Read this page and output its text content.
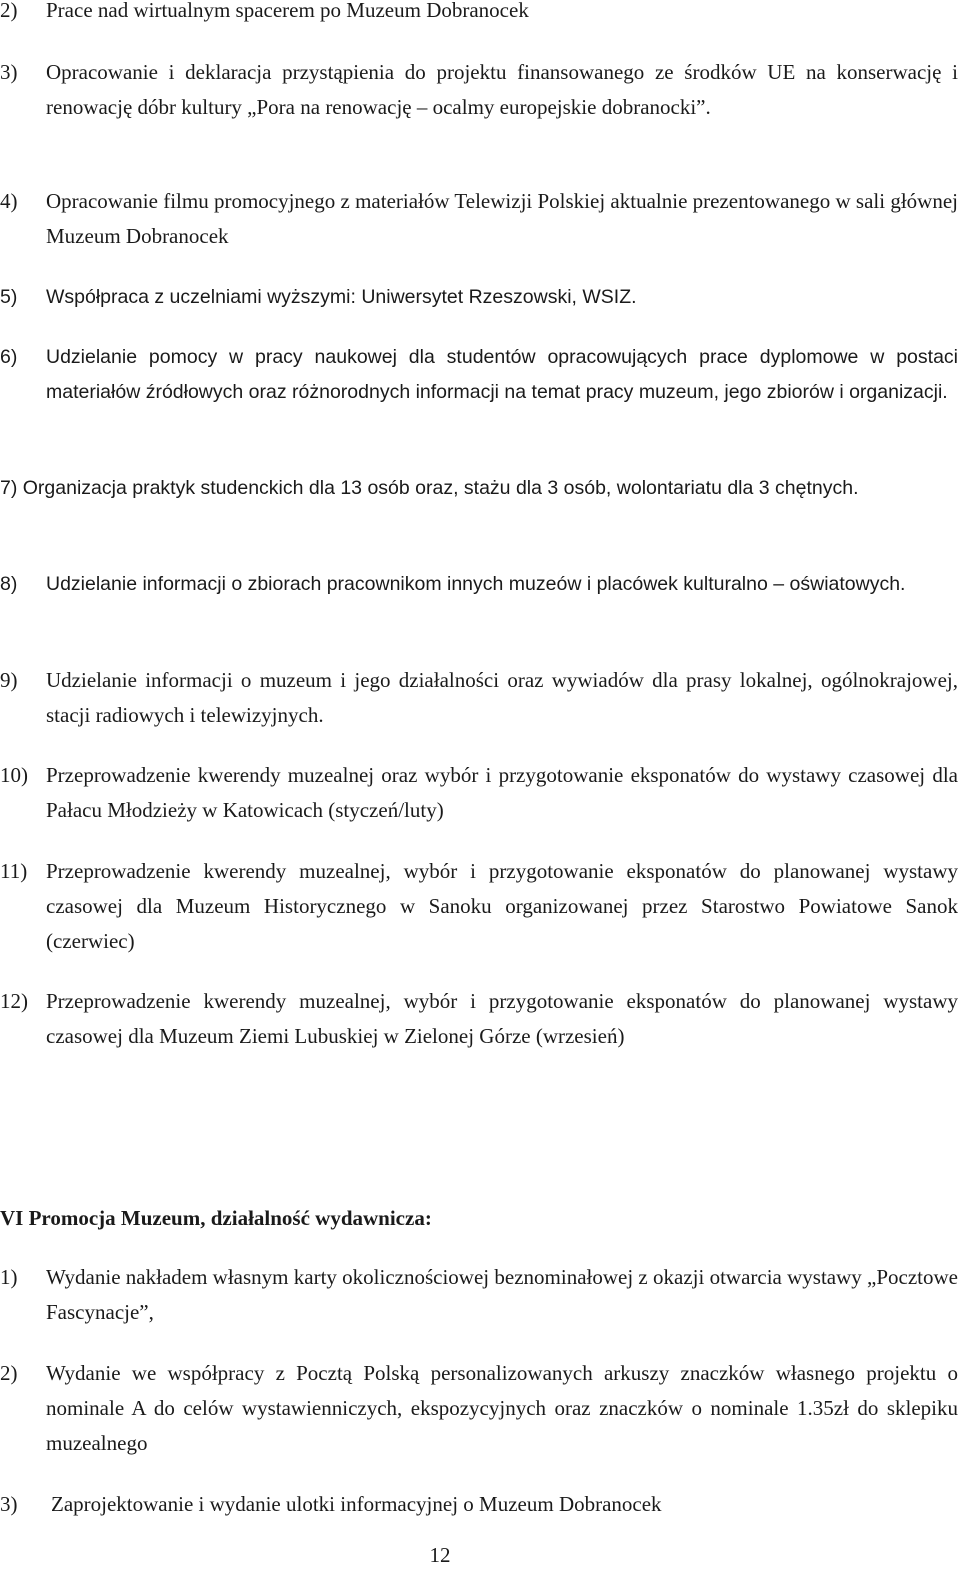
2) Prace nad wirtualnym spacerem po Muzeum Dobranocek
3) Opracowanie i deklaracja przystąpienia do projektu finansowanego ze środków UE na konserwację i renowację dóbr kultury „Pora na renowację – ocalmy europejskie dobranocki”.
4) Opracowanie filmu promocyjnego z materiałów Telewizji Polskiej aktualnie prezentowanego w sali głównej Muzeum Dobranocek
5) Współpraca z uczelniami wyższymi: Uniwersytet Rzeszowski, WSIZ.
6) Udzielanie pomocy w pracy naukowej dla studentów opracowujących prace dyplomowe w postaci materiałów źródłowych oraz różnorodnych informacji na temat pracy muzeum, jego zbiorów i organizacji.
7) Organizacja praktyk studenckich dla 13 osób oraz, stażu dla 3 osób, wolontariatu dla 3 chętnych.
8) Udzielanie informacji o zbiorach pracownikom innych muzeów i placówek kulturalno – oświatowych.
9) Udzielanie informacji o muzeum i jego działalności oraz wywiadów dla prasy lokalnej, ogólnokrajowej, stacji radiowych i telewizyjnych.
10) Przeprowadzenie kwerendy muzealnej oraz wybór i przygotowanie eksponatów do wystawy czasowej dla Pałacu Młodzieży w Katowicach (styczeń/luty)
11) Przeprowadzenie kwerendy muzealnej, wybór i przygotowanie eksponatów do planowanej wystawy czasowej dla Muzeum Historycznego w Sanoku organizowanej przez Starostwo Powiatowe Sanok (czerwiec)
12) Przeprowadzenie kwerendy muzealnej, wybór i przygotowanie eksponatów do planowanej wystawy czasowej dla Muzeum Ziemi Lubuskiej w Zielonej Górze (wrzesień)
VI Promocja Muzeum, działalność wydawnicza:
1) Wydanie nakładem własnym karty okolicznościowej beznominałowej z okazji otwarcia wystawy „Pocztowe Fascynacje”,
2) Wydanie we współpracy z Pocztą Polską personalizowanych arkuszy znaczków własnego projektu o nominale A do celów wystawienniczych, ekspozycyjnych oraz znaczków o nominale 1.35zł do sklepiku muzealnego
3) Zaprojektowanie i wydanie ulotki informacyjnej o Muzeum Dobranocek
12
